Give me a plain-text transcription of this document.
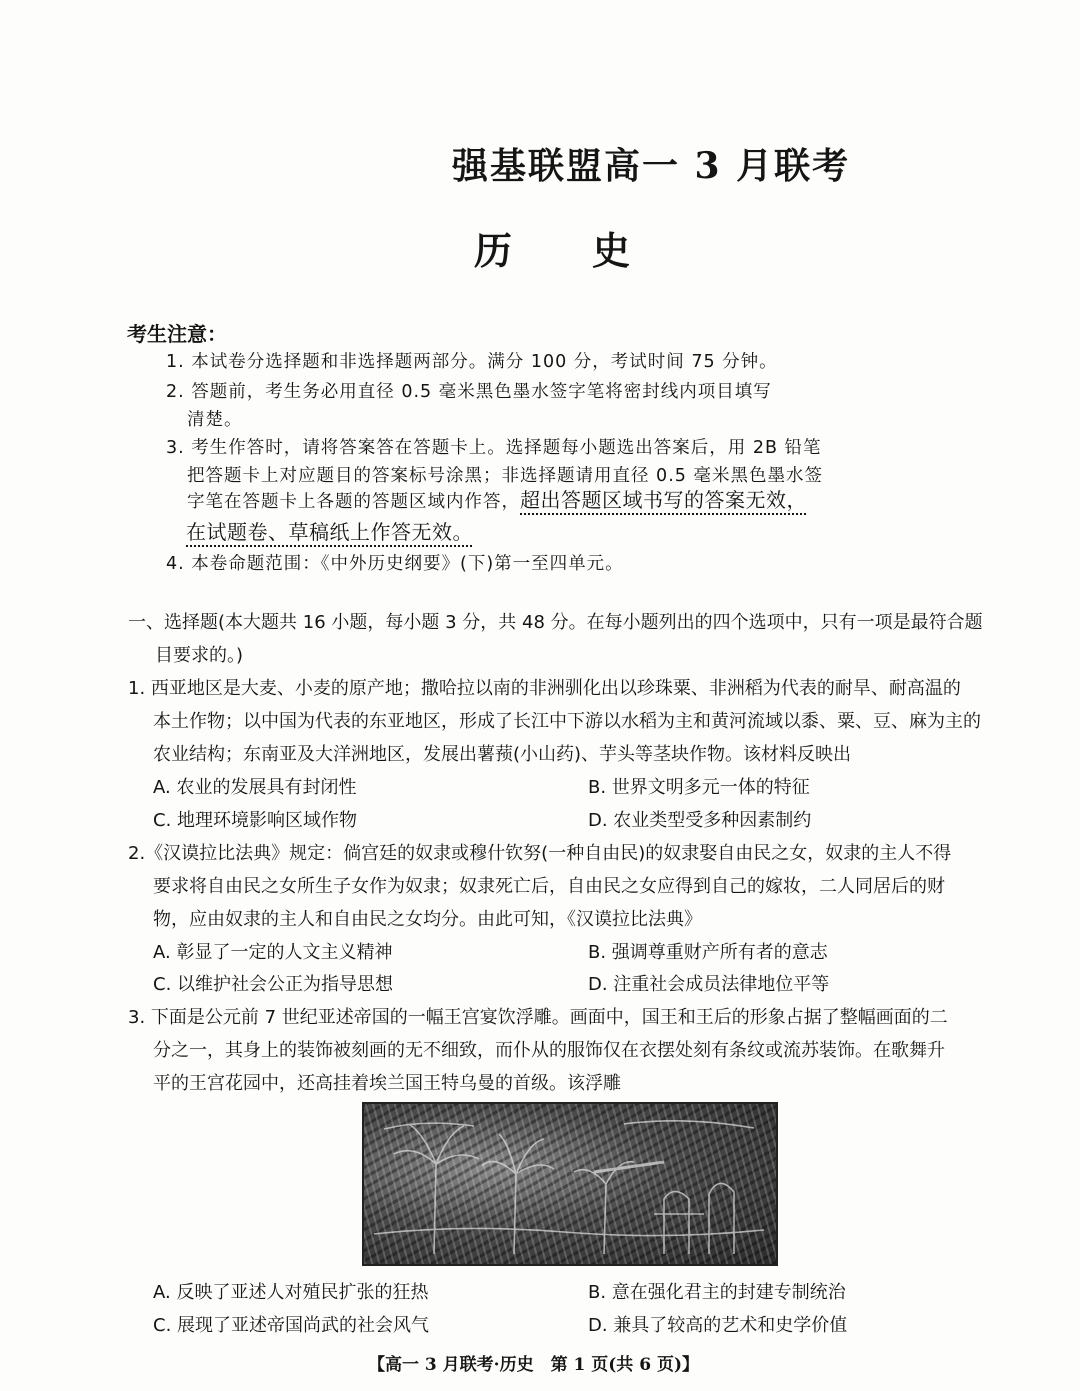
强基联盟高一 3 月联考
历 史
考生注意：
1. 本试卷分选择题和非选择题两部分。满分 100 分，考试时间 75 分钟。
2. 答题前，考生务必用直径 0.5 毫米黑色墨水签字笔将密封线内项目填写
清楚。
3. 考生作答时，请将答案答在答题卡上。选择题每小题选出答案后，用 2B 铅笔
把答题卡上对应题目的答案标号涂黑；非选择题请用直径 0.5 毫米黑色墨水签
字笔在答题卡上各题的答题区域内作答，超出答题区域书写的答案无效，
在试题卷、草稿纸上作答无效。
4. 本卷命题范围：《中外历史纲要》(下)第一至四单元。
一、选择题(本大题共 16 小题，每小题 3 分，共 48 分。在每小题列出的四个选项中，只有一项是最符合题
目要求的。)
1. 西亚地区是大麦、小麦的原产地；撒哈拉以南的非洲驯化出以珍珠粟、非洲稻为代表的耐旱、耐高温的
本土作物；以中国为代表的东亚地区，形成了长江中下游以水稻为主和黄河流域以黍、粟、豆、麻为主的
农业结构；东南亚及大洋洲地区，发展出薯蓣(小山药)、芋头等茎块作物。该材料反映出
A. 农业的发展具有封闭性	B. 世界文明多元一体的特征
C. 地理环境影响区域作物	D. 农业类型受多种因素制约
2.《汉谟拉比法典》规定：倘宫廷的奴隶或穆什钦努(一种自由民)的奴隶娶自由民之女，奴隶的主人不得
要求将自由民之女所生子女作为奴隶；奴隶死亡后，自由民之女应得到自己的嫁妆，二人同居后的财
物，应由奴隶的主人和自由民之女均分。由此可知，《汉谟拉比法典》
A. 彰显了一定的人文主义精神	B. 强调尊重财产所有者的意志
C. 以维护社会公正为指导思想	D. 注重社会成员法律地位平等
3. 下面是公元前 7 世纪亚述帝国的一幅王宫宴饮浮雕。画面中，国王和王后的形象占据了整幅画面的二
分之一，其身上的装饰被刻画的无不细致，而仆从的服饰仅在衣摆处刻有条纹或流苏装饰。在歌舞升
平的王宫花园中，还高挂着埃兰国王特乌曼的首级。该浮雕
A. 反映了亚述人对殖民扩张的狂热	B. 意在强化君主的封建专制统治
C. 展现了亚述帝国尚武的社会风气	D. 兼具了较高的艺术和史学价值
【高一 3 月联考·历史　第 1 页(共 6 页)】
